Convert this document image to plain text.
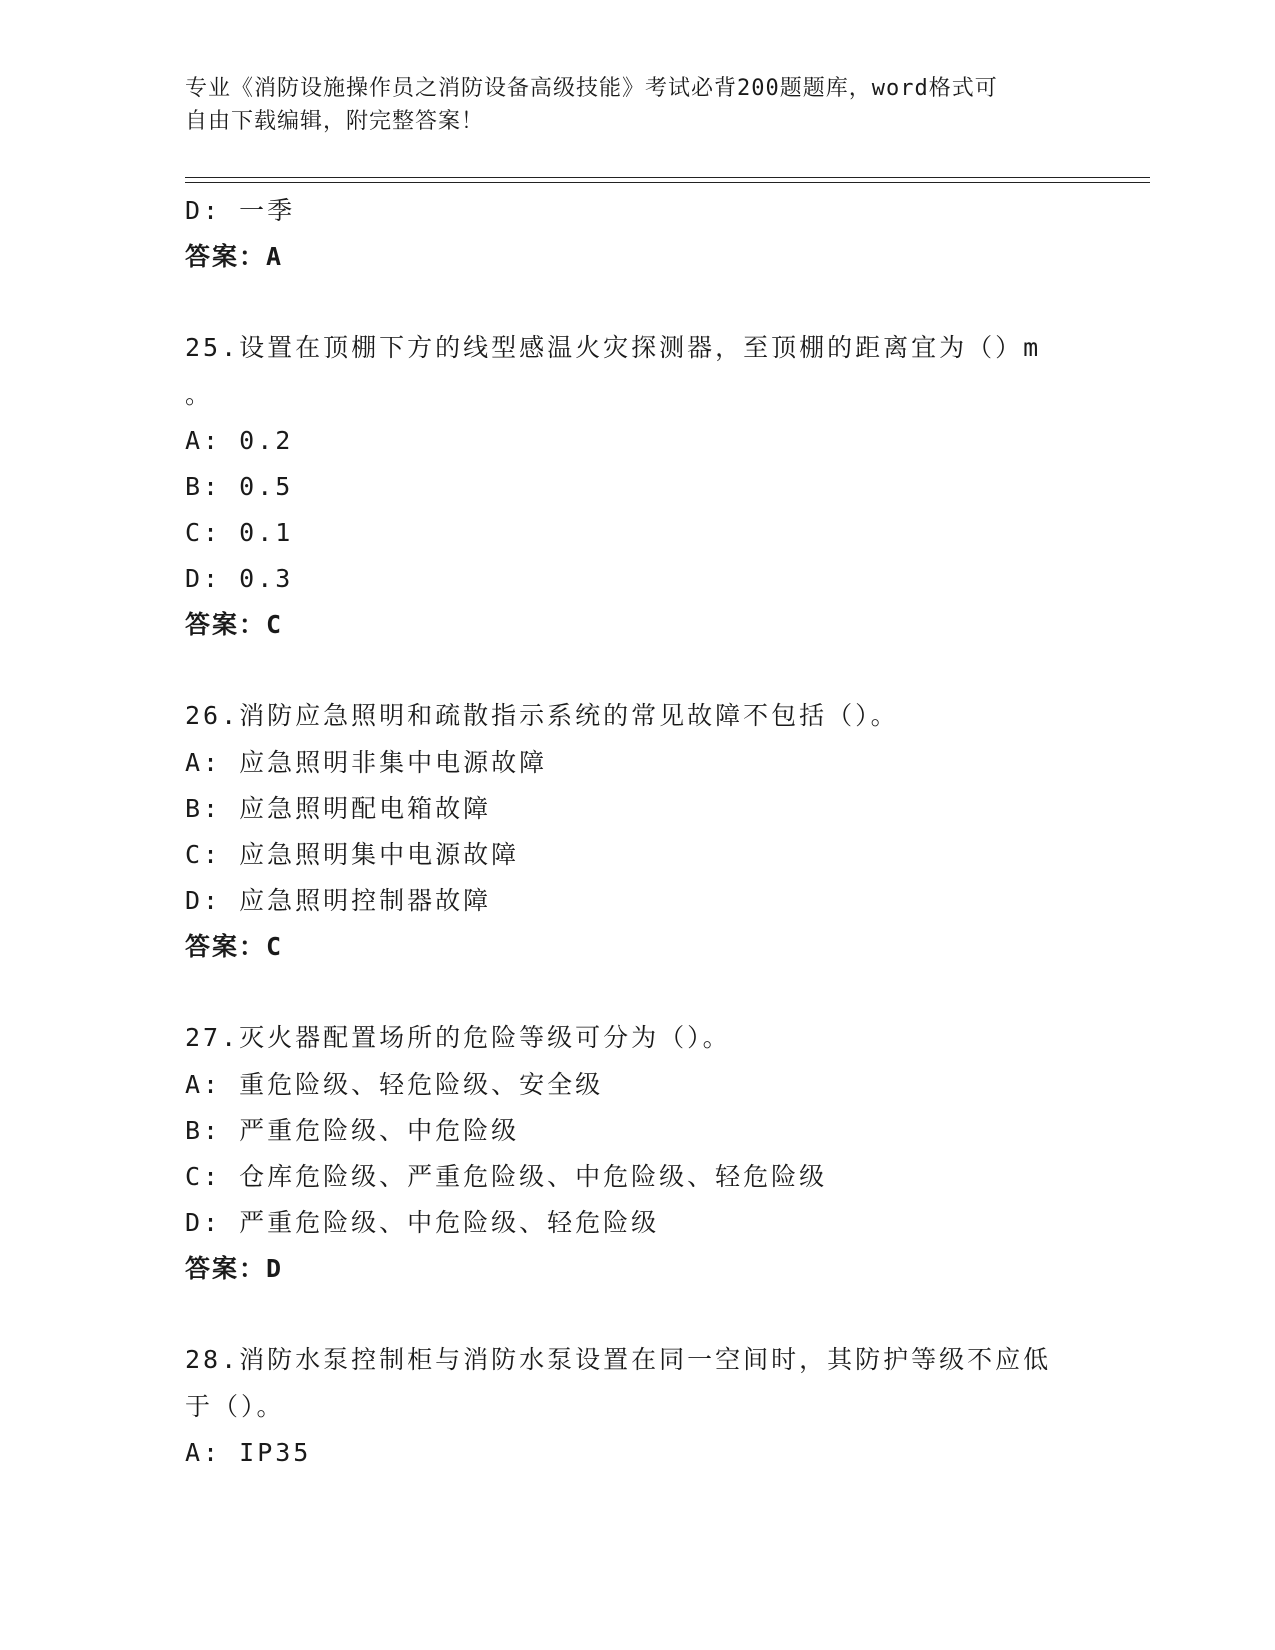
专业《消防设施操作员之消防设备高级技能》考试必背200题题库，word格式可
自由下载编辑，附完整答案！
D: 一季
答案：A
25.设置在顶棚下方的线型感温火灾探测器，至顶棚的距离宜为（）m
。
A: 0.2
B: 0.5
C: 0.1
D: 0.3
答案：C
26.消防应急照明和疏散指示系统的常见故障不包括（）。
A: 应急照明非集中电源故障
B: 应急照明配电箱故障
C: 应急照明集中电源故障
D: 应急照明控制器故障
答案：C
27.灭火器配置场所的危险等级可分为（）。
A: 重危险级、轻危险级、安全级
B: 严重危险级、中危险级
C: 仓库危险级、严重危险级、中危险级、轻危险级
D: 严重危险级、中危险级、轻危险级
答案：D
28.消防水泵控制柜与消防水泵设置在同一空间时，其防护等级不应低
于（）。
A: IP35
